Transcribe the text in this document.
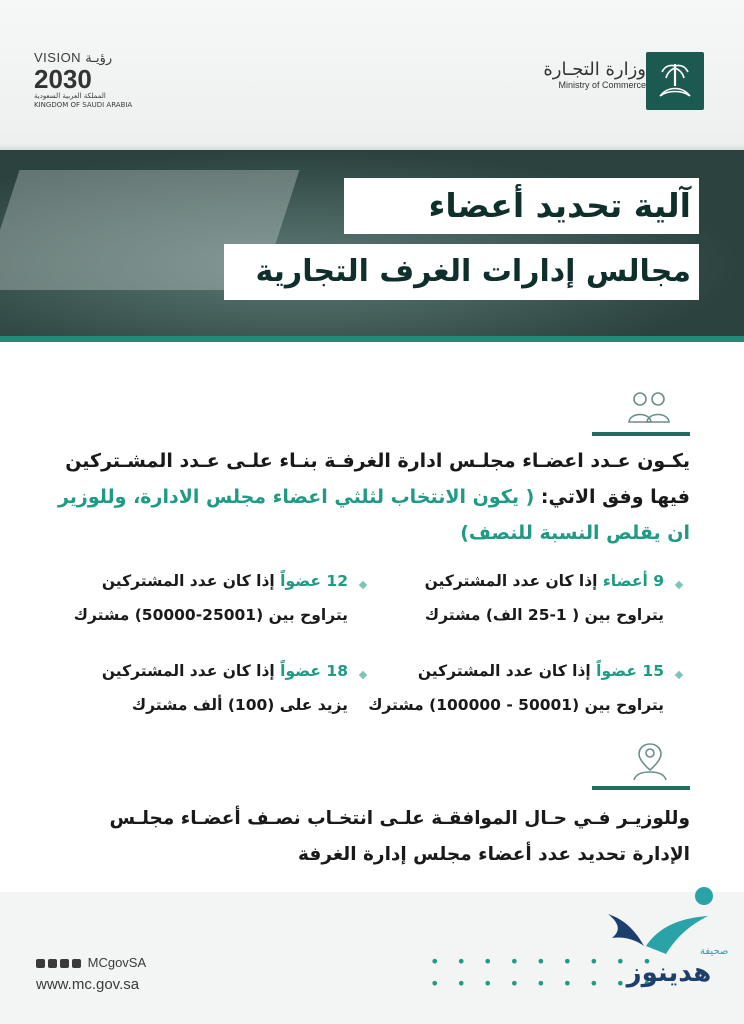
VISION رؤيـة
2030
المملكة العربية السعودية
KINGDOM OF SAUDI ARABIA
وزارة التجـارة
Ministry of Commerce
آلية تحديد أعضاء
مجالس إدارات الغرف التجارية
يكـون عـدد اعضـاء مجلـس ادارة الغرفـة بنـاء علـى عـدد المشـتركين
فيها وفق الاتي: ( يكون الانتخاب لثلثي اعضاء مجلس الادارة، وللوزير
ان يقلص النسبة للنصف)
9 أعضاء إذا كان عدد المشتركين
يتراوح بين ( 1-25 الف) مشترك
12 عضواً إذا كان عدد المشتركين
يتراوح بين (25001-50000) مشترك
15 عضواً إذا كان عدد المشتركين
يتراوح بين (50001 - 100000) مشترك
18 عضواً إذا كان عدد المشتركين
يزيد على (100) ألف مشترك
وللوزيـر فـي حـال الموافقـة علـى انتخـاب نصـف أعضـاء مجلـس
الإدارة تحديد عدد أعضاء مجلس إدارة الغرفة
MCgovSA
www.mc.gov.sa
• • • • • • • • •
• • • • • • • • •
هدينوز
صحيفة
